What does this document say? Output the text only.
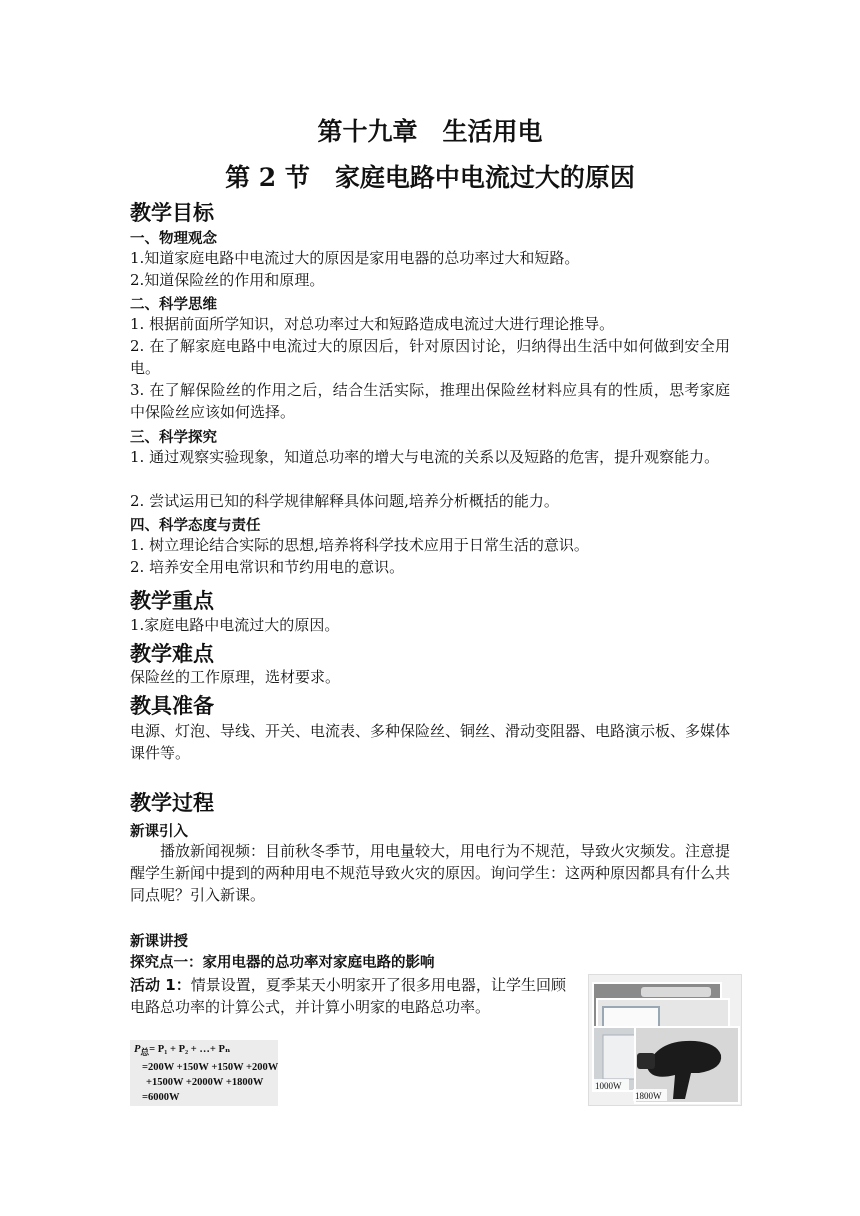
第十九章　生活用电
第 2 节　家庭电路中电流过大的原因
教学目标
一、物理观念
1.知道家庭电路中电流过大的原因是家用电器的总功率过大和短路。
2.知道保险丝的作用和原理。
二、科学思维
1. 根据前面所学知识，对总功率过大和短路造成电流过大进行理论推导。
2. 在了解家庭电路中电流过大的原因后，针对原因讨论，归纳得出生活中如何做到安全用电。
3. 在了解保险丝的作用之后，结合生活实际，推理出保险丝材料应具有的性质，思考家庭中保险丝应该如何选择。
三、科学探究
1. 通过观察实验现象，知道总功率的增大与电流的关系以及短路的危害，提升观察能力。
2. 尝试运用已知的科学规律解释具体问题,培养分析概括的能力。
四、科学态度与责任
1. 树立理论结合实际的思想,培养将科学技术应用于日常生活的意识。
2. 培养安全用电常识和节约用电的意识。
教学重点
1.家庭电路中电流过大的原因。
教学难点
保险丝的工作原理，选材要求。
教具准备
电源、灯泡、导线、开关、电流表、多种保险丝、铜丝、滑动变阻器、电路演示板、多媒体课件等。
教学过程
新课引入
播放新闻视频：目前秋冬季节，用电量较大，用电行为不规范，导致火灾频发。注意提醒学生新闻中提到的两种用电不规范导致火灾的原因。询问学生：这两种原因都具有什么共同点呢？引入新课。
新课讲授
探究点一：家用电器的总功率对家庭电路的影响
活动 1：情景设置，夏季某天小明家开了很多用电器，让学生回顾电路总功率的计算公式，并计算小明家的电路总功率。
$P_总= P_1 + P_2$ + …+ Pₙ
=200W +150W +150W +200W
+1500W +2000W +1800W
=6000W
1000W
1800W
